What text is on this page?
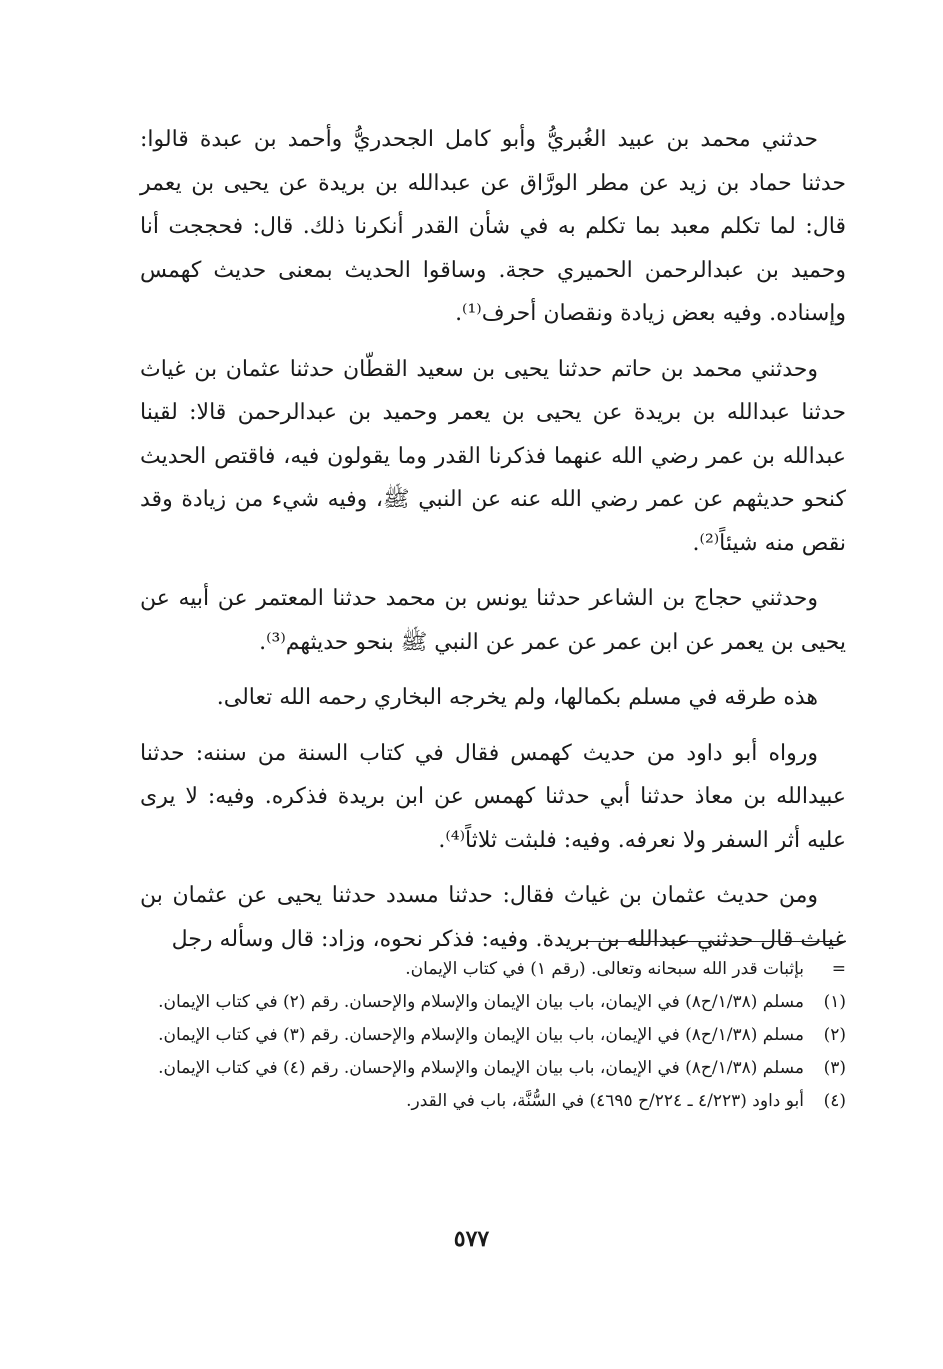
حدثني محمد بن عبيد الغُبريُّ وأبو كامل الجحدريُّ وأحمد بن عبدة قالوا: حدثنا حماد بن زيد عن مطر الورَّاق عن عبدالله بن بريدة عن يحيى بن يعمر قال: لما تكلم معبد بما تكلم به في شأن القدر أنكرنا ذلك. قال: فحججت أنا وحميد بن عبدالرحمن الحميري حجة. وساقوا الحديث بمعنى حديث كهمس وإسناده. وفيه بعض زيادة ونقصان أحرف⁽¹⁾.

وحدثني محمد بن حاتم حدثنا يحيى بن سعيد القطّان حدثنا عثمان بن غياث حدثنا عبدالله بن بريدة عن يحيى بن يعمر وحميد بن عبدالرحمن قالا: لقينا عبدالله بن عمر رضي الله عنهما فذكرنا القدر وما يقولون فيه، فاقتص الحديث كنحو حديثهم عن عمر رضي الله عنه عن النبي ﷺ، وفيه شيء من زيادة وقد نقص منه شيئاً⁽²⁾.

وحدثني حجاج بن الشاعر حدثنا يونس بن محمد حدثنا المعتمر عن أبيه عن يحيى بن يعمر عن ابن عمر عن عمر عن النبي ﷺ بنحو حديثهم⁽³⁾.

هذه طرقه في مسلم بكمالها، ولم يخرجه البخاري رحمه الله تعالى.

ورواه أبو داود من حديث كهمس فقال في كتاب السنة من سننه: حدثنا عبيدالله بن معاذ حدثنا أبي حدثنا كهمس عن ابن بريدة فذكره. وفيه: لا يرى عليه أثر السفر ولا نعرفه. وفيه: فلبثت ثلاثاً⁽⁴⁾.

ومن حديث عثمان بن غياث فقال: حدثنا مسدد حدثنا يحيى عن عثمان بن غياث قال حدثني عبدالله بن بريدة. وفيه: فذكر نحوه، وزاد: قال وسأله رجل

=
بإثبات قدر الله سبحانه وتعالى. (رقم ١) في كتاب الإيمان.
(١)
مسلم (١/٣٨/ح٨) في الإيمان، باب بيان الإيمان والإسلام والإحسان. رقم (٢) في كتاب الإيمان.
(٢)
مسلم (١/٣٨/ح٨) في الإيمان، باب بيان الإيمان والإسلام والإحسان. رقم (٣) في كتاب الإيمان.
(٣)
مسلم (١/٣٨/ح٨) في الإيمان، باب بيان الإيمان والإسلام والإحسان. رقم (٤) في كتاب الإيمان.
(٤)
أبو داود (٤/٢٢٣ ـ ٢٢٤/ح ٤٦٩٥) في السُّنَّة، باب في القدر.
٥٧٧
